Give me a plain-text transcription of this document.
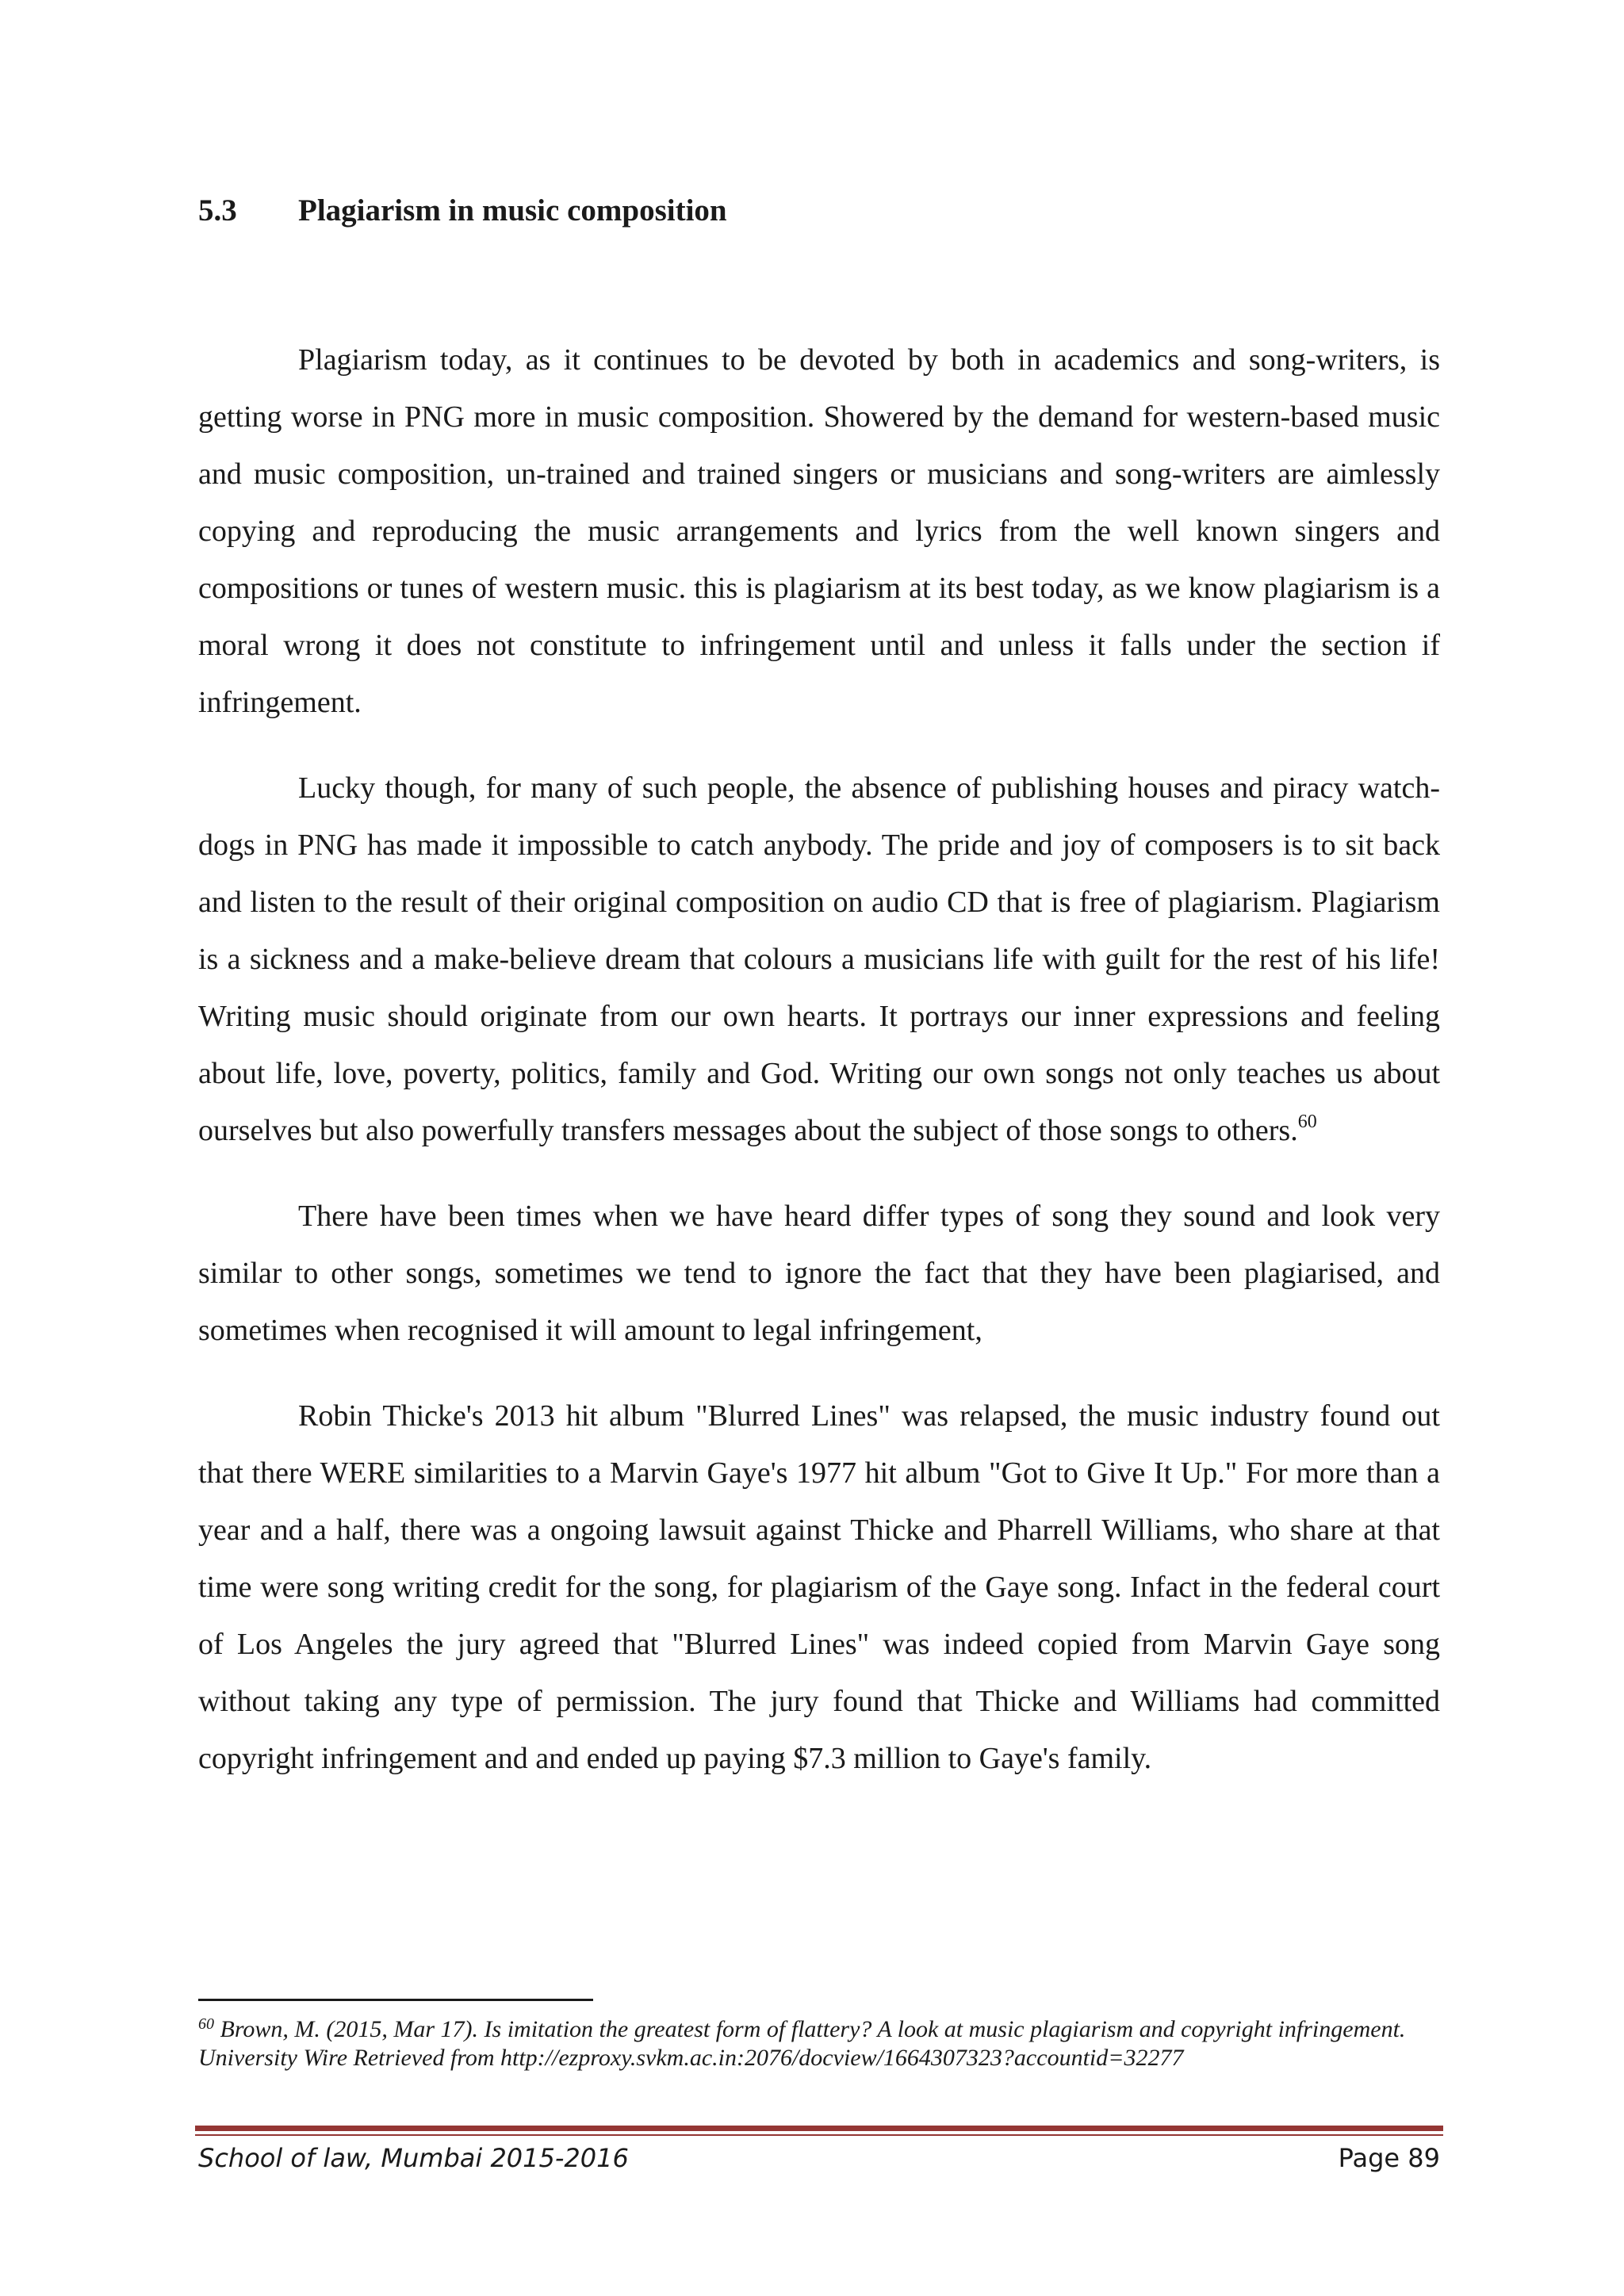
5.3	Plagiarism in music composition

Plagiarism today, as it continues to be devoted by both in academics and song-writers, is getting worse in PNG more in music composition. Showered by the demand for western-based music and music composition, un-trained and trained singers or musicians and song-writers are aimlessly copying and reproducing the music arrangements and lyrics from the well known singers and compositions or tunes of western music. this is plagiarism at its best today, as we know plagiarism is a moral wrong it does not constitute to infringement until and unless it falls under the section if infringement.

Lucky though, for many of such people, the absence of publishing houses and piracy watch-dogs in PNG has made it impossible to catch anybody. The pride and joy of composers is to sit back and listen to the result of their original composition on audio CD that is free of plagiarism. Plagiarism is a sickness and a make-believe dream that colours a musicians life with guilt for the rest of his life! Writing music should originate from our own hearts. It portrays our inner expressions and feeling about life, love, poverty, politics, family and God. Writing our own songs not only teaches us about ourselves but also powerfully transfers messages about the subject of those songs to others.$^{60}$

There have been times when we have heard differ types of song they sound and look very similar to other songs, sometimes we tend to ignore the fact that they have been plagiarised, and sometimes when recognised it will amount to legal infringement,

Robin Thicke's 2013 hit album "Blurred Lines" was relapsed, the music industry found out that there WERE similarities to a Marvin Gaye's 1977 hit album "Got to Give It Up." For more than a year and a half, there was a ongoing lawsuit against Thicke and Pharrell Williams, who share at that time were song writing credit for the song, for plagiarism of the Gaye song. Infact in the federal court of Los Angeles the jury agreed that "Blurred Lines" was indeed copied from Marvin Gaye song without taking any type of permission. The jury found that Thicke and Williams had committed copyright infringement and and ended up paying $7.3 million to Gaye's family.

$^{60}$ Brown, M. (2015, Mar 17). Is imitation the greatest form of flattery? A look at music plagiarism and copyright infringement. University Wire Retrieved from http://ezproxy.svkm.ac.in:2076/docview/1664307323?accountid=32277
School of law, Mumbai 2015-2016	Page 89
